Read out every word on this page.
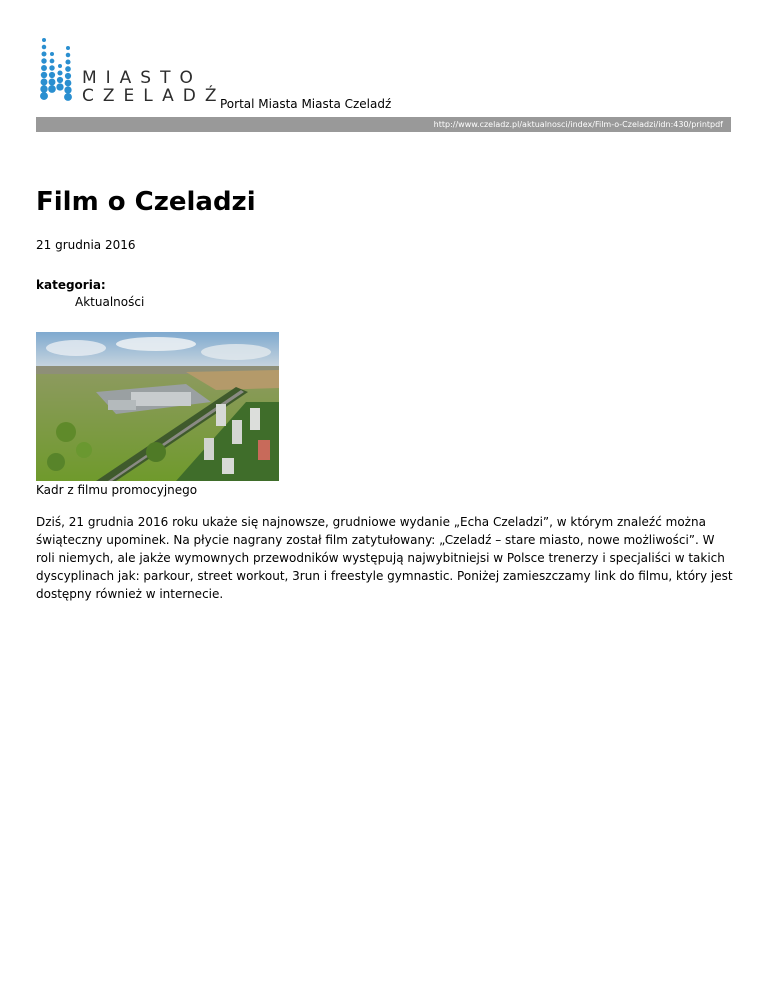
MIASTO
CZELADŹ
Portal Miasta Miasta Czeladź
http://www.czeladz.pl/aktualnosci/index/Film-o-Czeladzi/idn:430/printpdf
Film o Czeladzi
21 grudnia 2016
kategoria:
Aktualności
Kadr z filmu promocyjnego

Dziś, 21 grudnia 2016 roku ukaże się najnowsze, grudniowe wydanie „Echa Czeladzi”, w którym znaleźć można świąteczny upominek. Na płycie nagrany został film zatytułowany: „Czeladź – stare miasto, nowe możliwości”. W roli niemych, ale jakże wymownych przewodników występują najwybitniejsi w Polsce trenerzy i specjaliści w takich dyscyplinach jak: parkour, street workout, 3run i freestyle gymnastic. Poniżej zamieszczamy link do filmu, który jest dostępny również w internecie.
